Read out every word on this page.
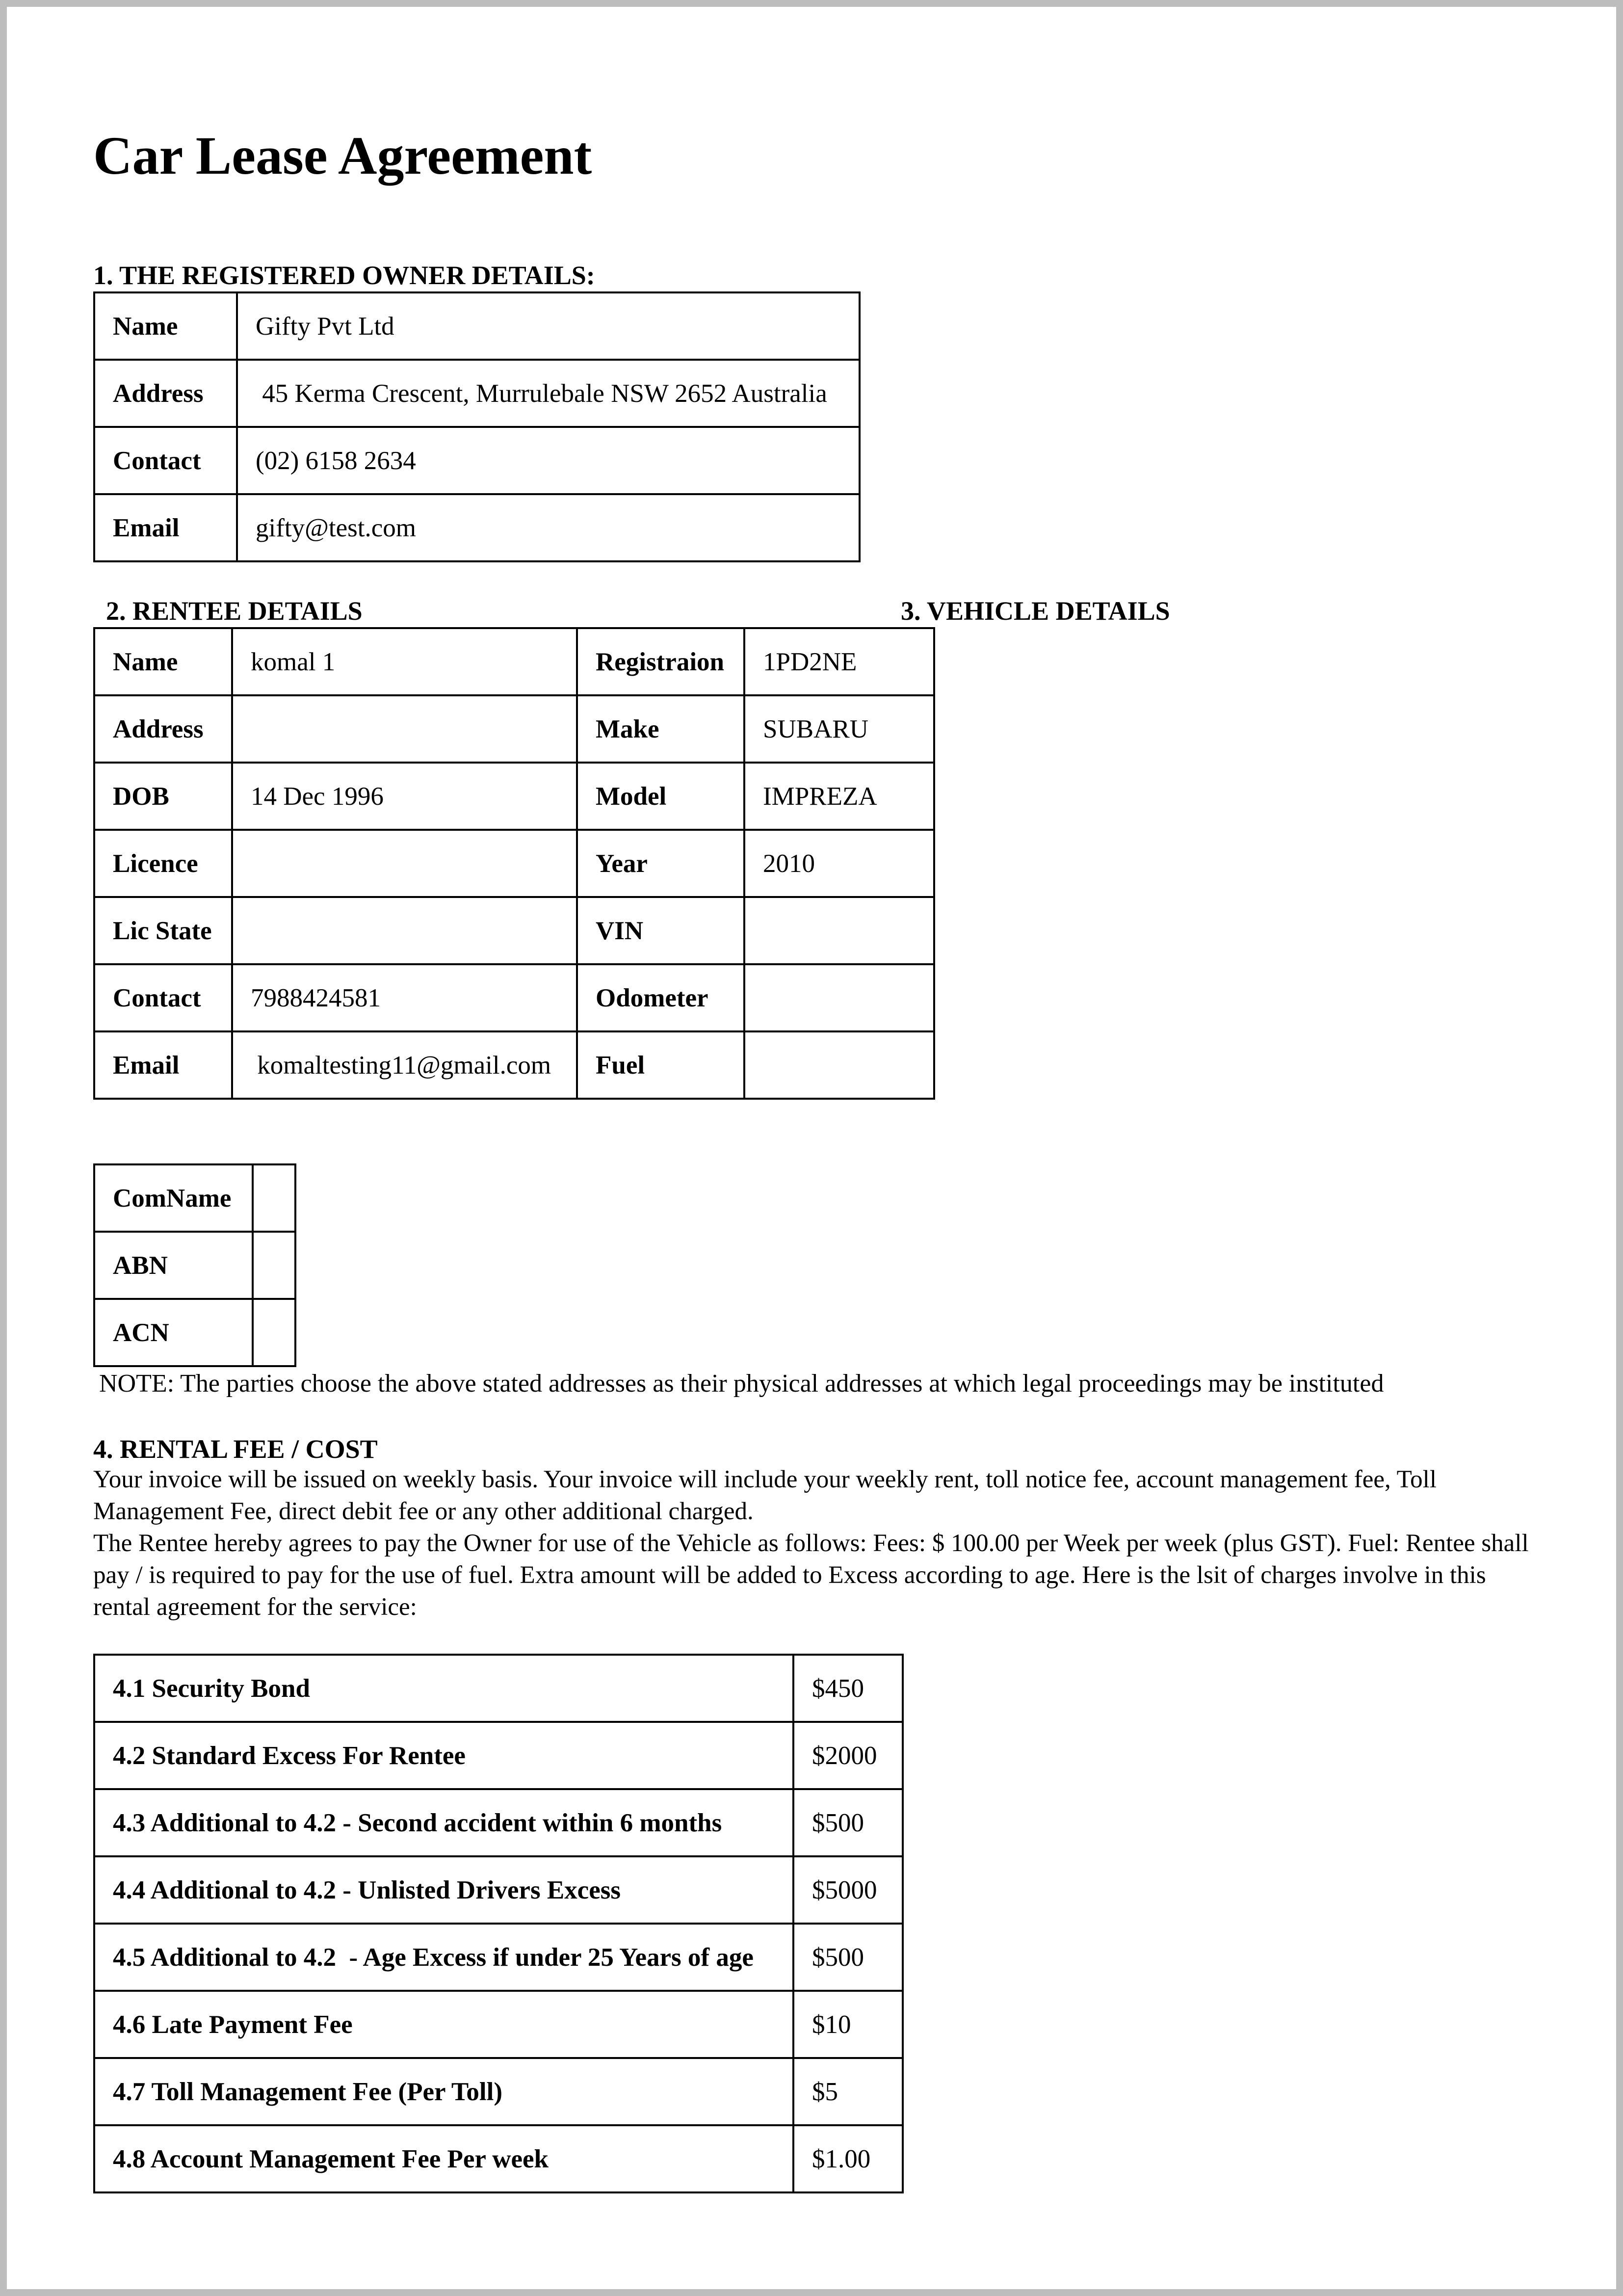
Car Lease Agreement
1. THE REGISTERED OWNER DETAILS:
Name	Gifty Pvt Ltd
Address	45 Kerma Crescent, Murrulebale NSW 2652 Australia
Contact	(02) 6158 2634
Email	gifty@test.com
2. RENTEE DETAILS	3. VEHICLE DETAILS
Name	komal 1	Registraion	1PD2NE
Address		Make	SUBARU
DOB	14 Dec 1996	Model	IMPREZA
Licence		Year	2010
Lic State		VIN	
Contact	7988424581	Odometer	
Email	komaltesting11@gmail.com	Fuel	
ComName	
ABN	
ACN	
NOTE: The parties choose the above stated addresses as their physical addresses at which legal proceedings may be instituted
4. RENTAL FEE / COST
Your invoice will be issued on weekly basis. Your invoice will include your weekly rent, toll notice fee, account management fee, Toll Management Fee, direct debit fee or any other additional charged.
The Rentee hereby agrees to pay the Owner for use of the Vehicle as follows: Fees: $ 100.00 per Week per week (plus GST). Fuel: Rentee shall pay / is required to pay for the use of fuel. Extra amount will be added to Excess according to age. Here is the lsit of charges involve in this rental agreement for the service:
4.1 Security Bond	$450
4.2 Standard Excess For Rentee	$2000
4.3 Additional to 4.2 - Second accident within 6 months	$500
4.4 Additional to 4.2 - Unlisted Drivers Excess	$5000
4.5 Additional to 4.2  - Age Excess if under 25 Years of age	$500
4.6 Late Payment Fee	$10
4.7 Toll Management Fee (Per Toll)	$5
4.8 Account Management Fee Per week	$1.00
